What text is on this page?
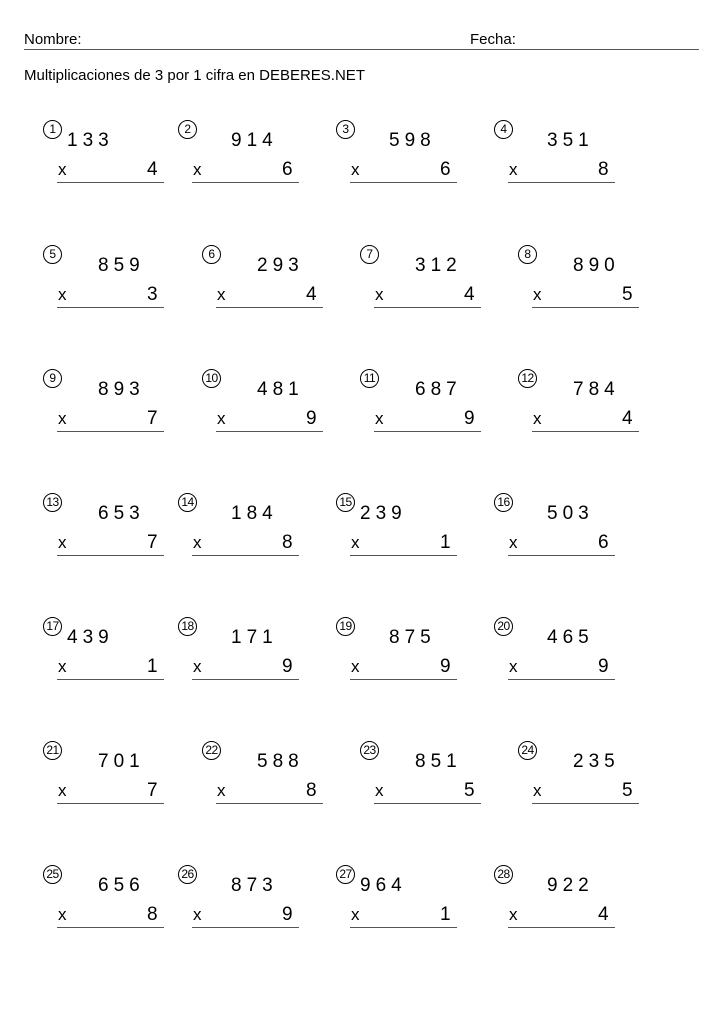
Nombre:	Fecha:
Multiplicaciones de 3 por 1 cifra en DEBERES.NET
1
133
x	4
2
914
x	6
3
598
x	6
4
351
x	8
5
859
x	3
6
293
x	4
7
312
x	4
8
890
x	5
9
893
x	7
10
481
x	9
11
687
x	9
12
784
x	4
13
653
x	7
14
184
x	8
15
239
x	1
16
503
x	6
17
439
x	1
18
171
x	9
19
875
x	9
20
465
x	9
21
701
x	7
22
588
x	8
23
851
x	5
24
235
x	5
25
656
x	8
26
873
x	9
27
964
x	1
28
922
x	4
